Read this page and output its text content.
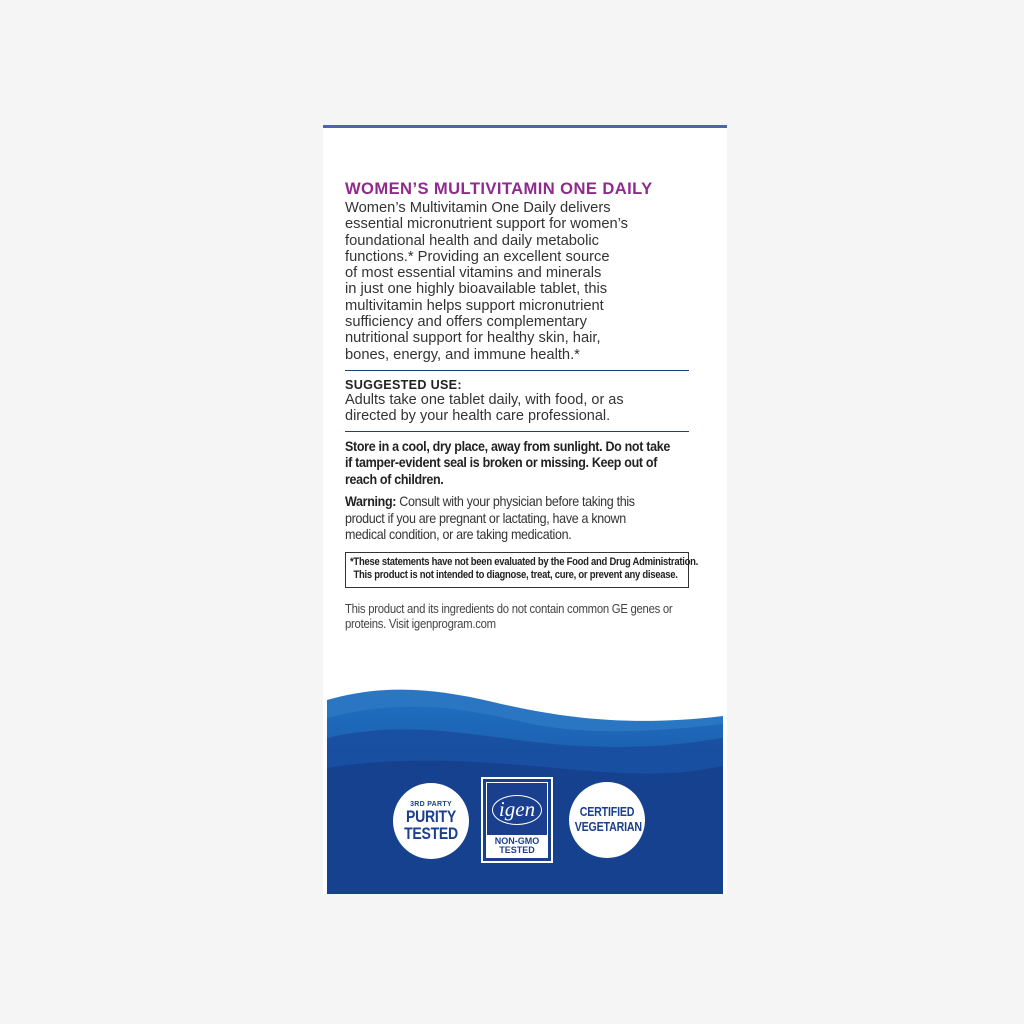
WOMEN’S MULTIVITAMIN ONE DAILY
Women’s Multivitamin One Daily delivers
essential micronutrient support for women’s
foundational health and daily metabolic
functions.* Providing an excellent source
of most essential vitamins and minerals
in just one highly bioavailable tablet, this
multivitamin helps support micronutrient
sufficiency and offers complementary
nutritional support for healthy skin, hair,
bones, energy, and immune health.*
SUGGESTED USE:
Adults take one tablet daily, with food, or as
directed by your health care professional.
Store in a cool, dry place, away from sunlight. Do not take
if tamper-evident seal is broken or missing. Keep out of
reach of children.
Warning: Consult with your physician before taking this
product if you are pregnant or lactating, have a known
medical condition, or are taking medication.
*These statements have not been evaluated by the Food and Drug Administration.
This product is not intended to diagnose, treat, cure, or prevent any disease.
This product and its ingredients do not contain common GE genes or
proteins. Visit igenprogram.com
3RD PARTY
PURITY
TESTED
igen
NON-GMO
TESTED
CERTIFIED
VEGETARIAN
